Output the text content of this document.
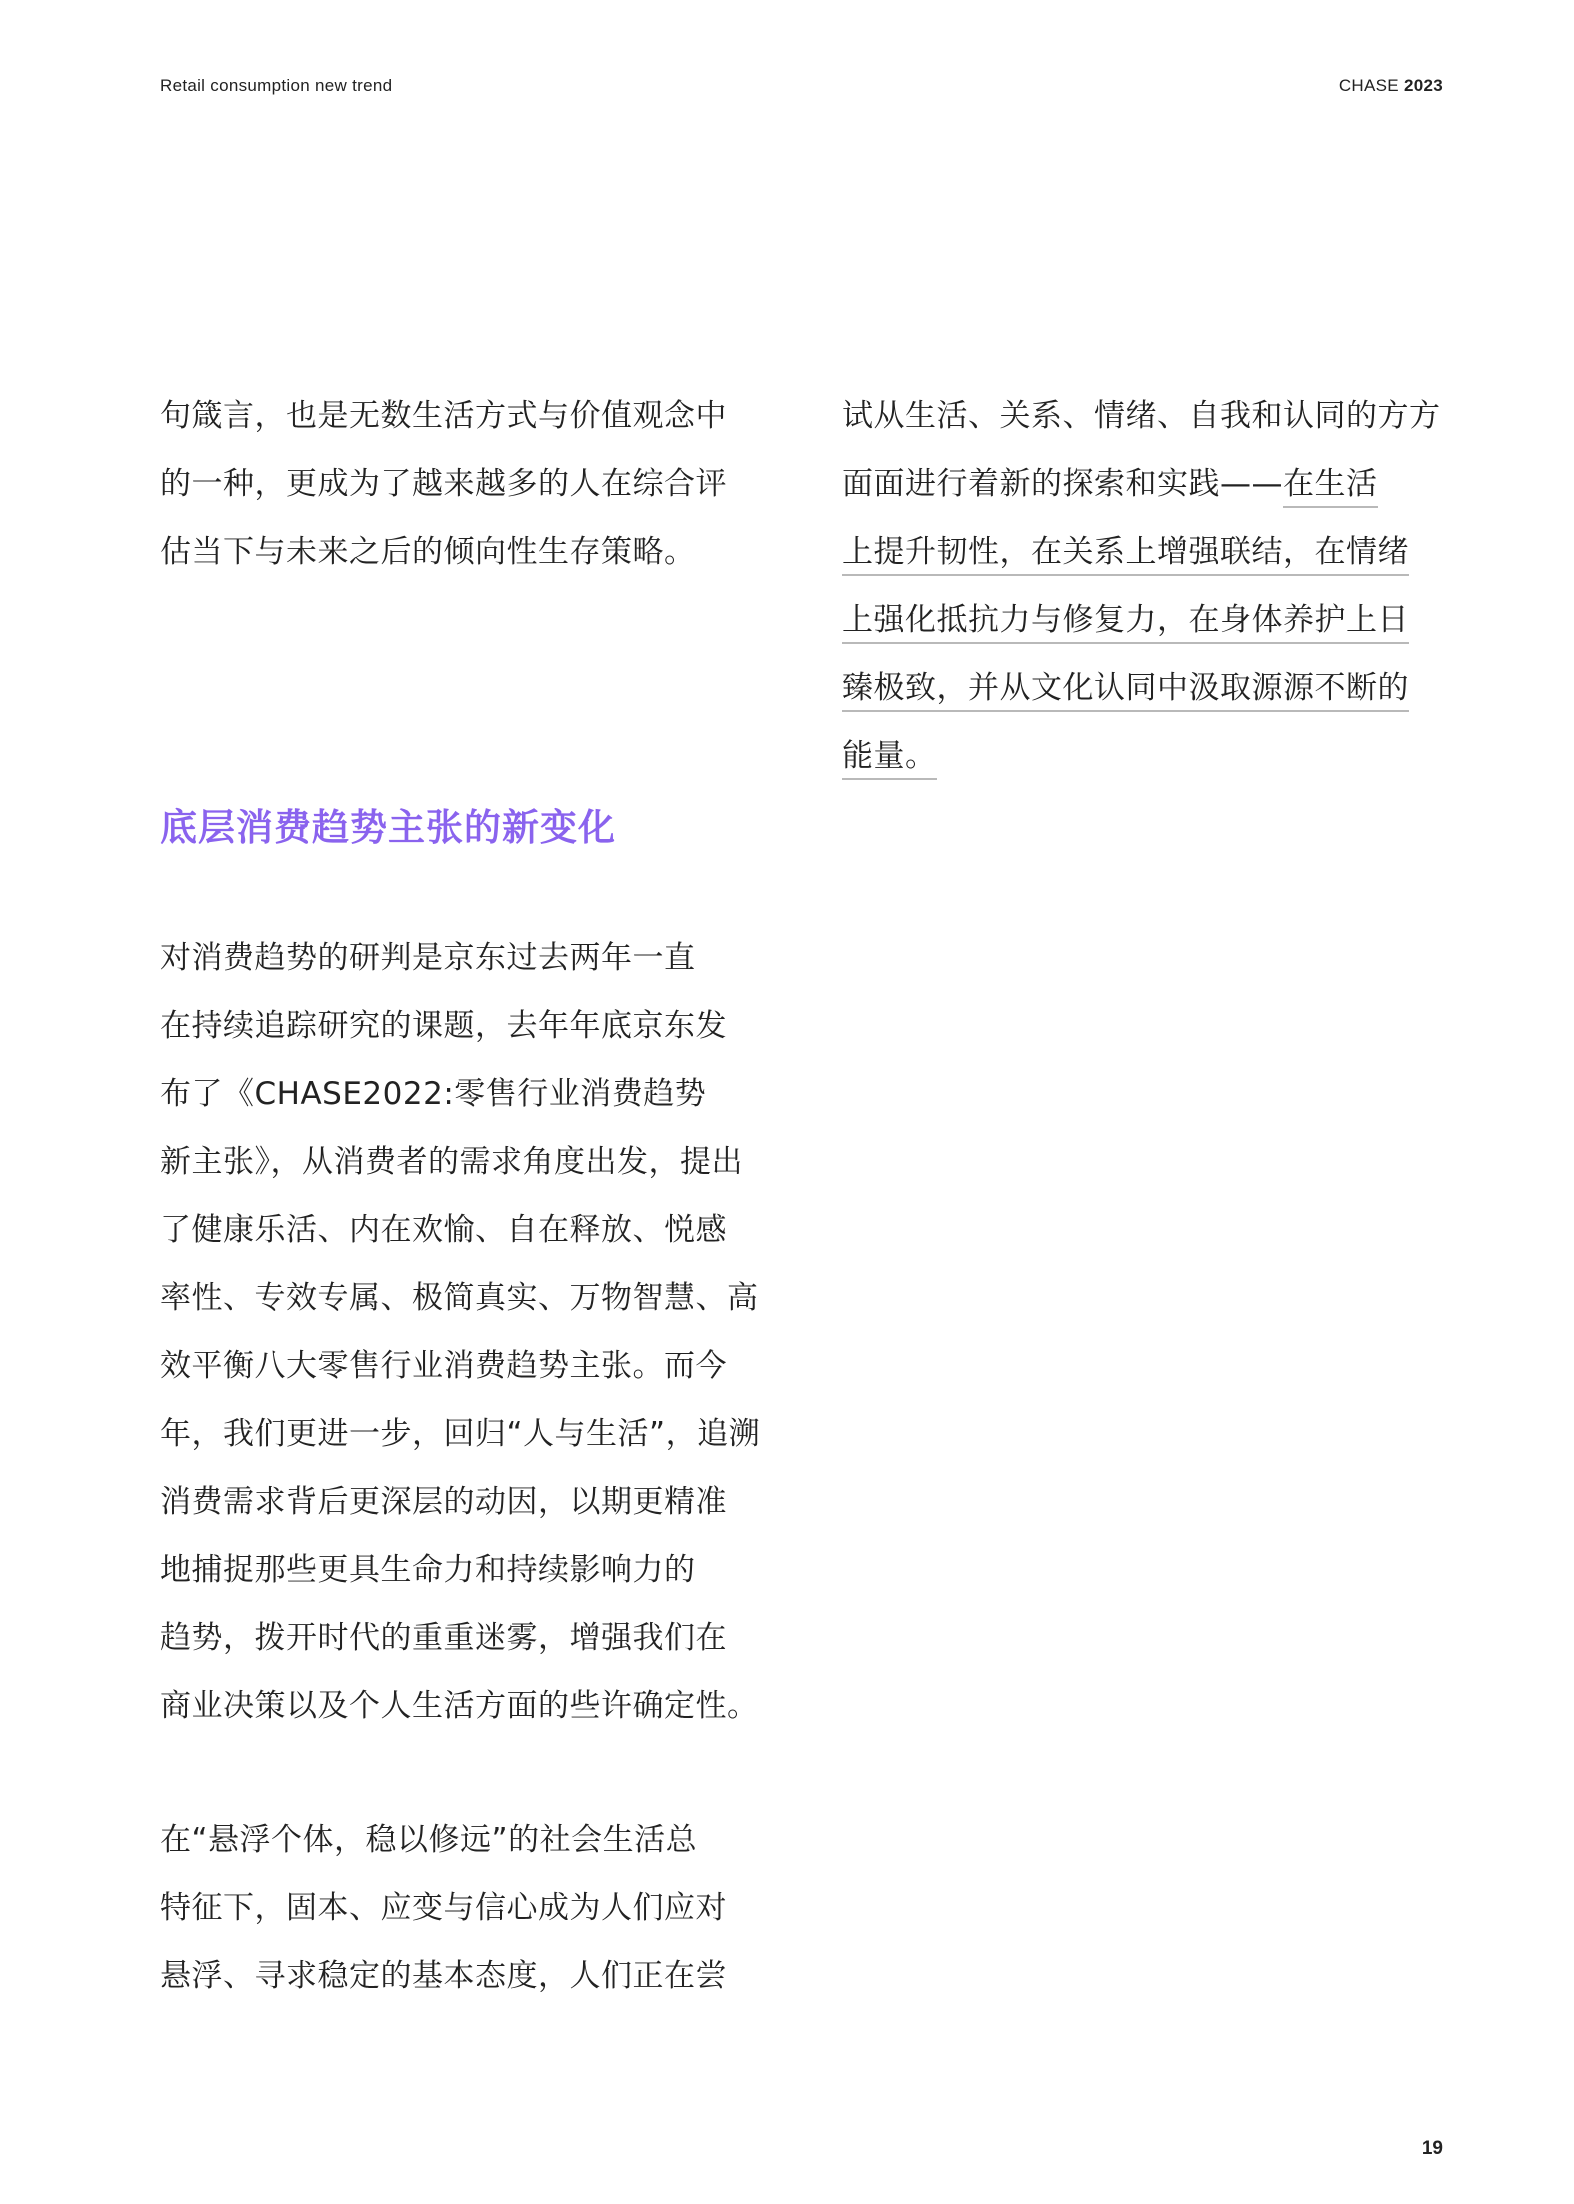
Retail consumption new trend	CHASE 2023

句箴言，也是无数生活方式与价值观念中
的一种，更成为了越来越多的人在综合评
估当下与未来之后的倾向性生存策略。

底层消费趋势主张的新变化

对消费趋势的研判是京东过去两年一直
在持续追踪研究的课题，去年年底京东发
布了《CHASE2022:零售行业消费趋势
新主张》，从消费者的需求角度出发，提出
了健康乐活、内在欢愉、自在释放、悦感
率性、专效专属、极简真实、万物智慧、高
效平衡八大零售行业消费趋势主张。而今
年，我们更进一步，回归“人与生活”，追溯
消费需求背后更深层的动因，以期更精准
地捕捉那些更具生命力和持续影响力的
趋势，拨开时代的重重迷雾，增强我们在
商业决策以及个人生活方面的些许确定性。

在“悬浮个体，稳以修远”的社会生活总
特征下，固本、应变与信心成为人们应对
悬浮、寻求稳定的基本态度，人们正在尝

试从生活、关系、情绪、自我和认同的方方
面面进行着新的探索和实践——在生活
上提升韧性，在关系上增强联结，在情绪
上强化抵抗力与修复力，在身体养护上日
臻极致，并从文化认同中汲取源源不断的
能量。

19
